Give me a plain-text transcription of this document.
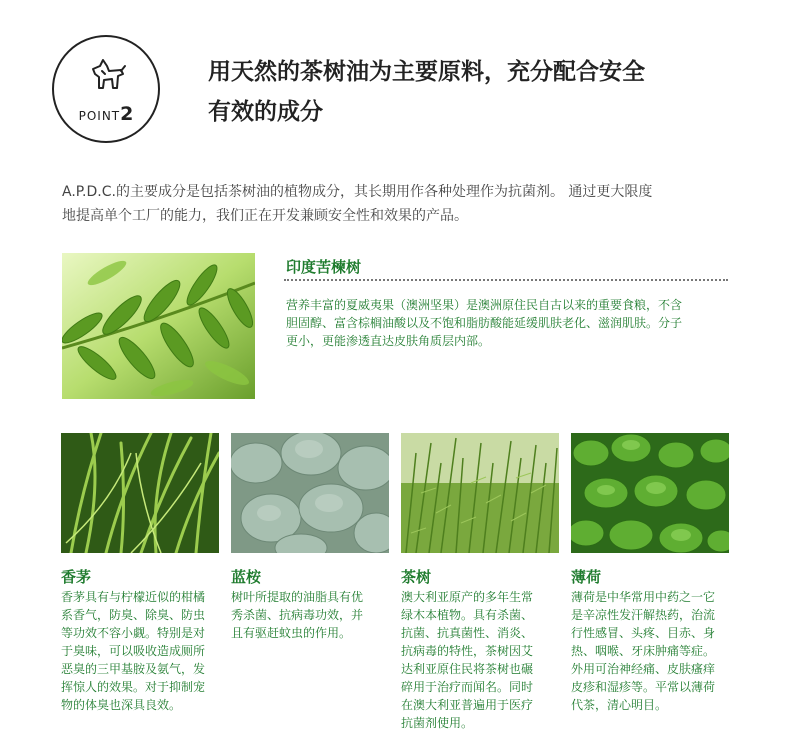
POINT2
用天然的茶树油为主要原料，充分配合安全
有效的成分
A.P.D.C.的主要成分是包括茶树油的植物成分，其长期用作各种处理作为抗菌剂。 通过更大限度
地提高单个工厂的能力，我们正在开发兼顾安全性和效果的产品。
印度苦楝树
营养丰富的夏威夷果（澳洲坚果）是澳洲原住民自古以来的重要食粮，不含
胆固醇、富含棕榈油酸以及不饱和脂肪酸能延缓肌肤老化、滋润肌肤。分子
更小，更能渗透直达皮肤角质层内部。
香茅
香茅具有与柠檬近似的柑橘
系香气，防臭、除臭、防虫
等功效不容小觑。特别是对
于臭味，可以吸收造成厕所
恶臭的三甲基胺及氨气，发
挥惊人的效果。对于抑制宠
物的体臭也深具良效。
蓝桉
树叶所提取的油脂具有优
秀杀菌、抗病毒功效，并
且有驱赶蚊虫的作用。
茶树
澳大利亚原产的多年生常
绿木本植物。具有杀菌、
抗菌、抗真菌性、消炎、
抗病毒的特性，茶树因艾
达利亚原住民将茶树也碾
碎用于治疗而闻名。同时
在澳大利亚普遍用于医疗
抗菌剂使用。
薄荷
薄荷是中华常用中药之一它
是辛凉性发汗解热药，治流
行性感冒、头疼、目赤、身
热、咽喉、牙床肿痛等症。
外用可治神经痛、皮肤瘙痒
皮疹和湿疹等。平常以薄荷
代茶，清心明目。
